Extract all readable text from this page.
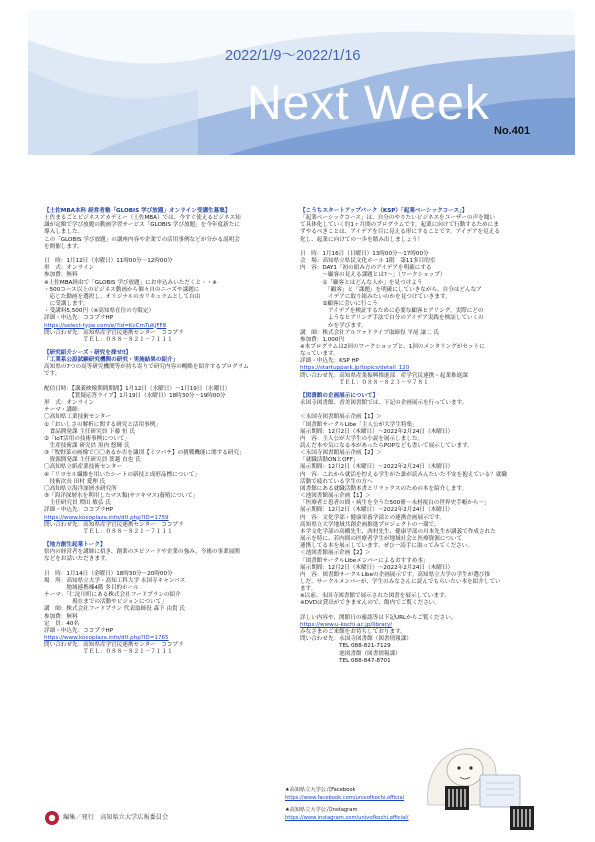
2022/1/9～2022/1/16
Next Week
No.401

【土佐MBA本科 経営者塾「GLOBIS 学び放題」オンライン受講生募集】

土佐まるごとビジネスアカデミー（土佐MBA）では、今すぐ使えるビジネス知

識が定額で学び放題の動画学習サービス「GLOBIS 学び放題」を今年度新たに

導入しました。

この「GLOBIS 学び放題」の講座内容や企業での活用事例などが分かる説明会

を開催します。

日　時：1月12日（水曜日）11時00分～12時00分

形　式：オンライン

参加費：無料

※土佐MBA経由で「GLOBIS 学び放題」にお申込みいただくと・・※

・500コース以上のビジネス動画から個々自のニーズや課題に

　応じた動画を選択し、オリジナルのカリキュラムとして自由

　に受講します。

・受講料5,500円（※高知県在住の方限定）

詳細・申込先：ココプラHP

https://select-type.com/e/?id=KcCmTuKjFF8

問い合わせ先：高知県産学官民連携センター　ココプラ

　　　　　　　ＴＥＬ：０８８－８２１－７１１１

【研究紹介シーズ・研究を探せ‼】

「工業系公設試験研究機関の研究・実施結果の紹介」

高知県の7つの高等研究機関等が持ち寄りで研究内容の概略を紹介するプログラム

です。

配信日時：【講義映像期間期間】1月12日（水曜日）～1月19日（水曜日）

　　　　　【質疑応答ライブ】1月19日（水曜日）18時30分～19時00分

形　式：オンライン

テーマ・講師：

〇高知県工業技術センター

①「おいしさの解析に関する研究と活用事例」

　食品開発課 主任研究員 下藤 恒 氏

②「IoT活用の技術事例について」

　生産技術課 研究員 黒内 悠輝 氏

③「牧野菜の画像で〇〇あるか否を識別【ミツバチ】の挑戦機能に関する研究」

　資源開発課 主任研究員 箕越 直也 氏

〇高知県立紙産業技術センター

④「リヨセル繊維を用いたシートの新技と成形品標について」

　技術次長 田村 愛理 氏

〇高知県立海洋深層水研究所

⑤「海洋深層水を利用したマス類(サツキマス)養殖について」

　主任研究員 増田 敏弘 氏

詳細・申込先：ココプラHP

https://www.kocoplaza.info/dtl.php?ID=1759

問い合わせ先：高知県産学官民連携センター　ココプラ

　　　　　　　ＴＥＬ：０８８－８２１－７１１１

【地方創生起業トーク】

県内の経営者を講師に招き、創業のエピソードや企業の強み、今後の事業展開

などをお話いただきます。

日　時：1月14日（金曜日）18時30分～20時00分

場　所：高知県立大学・高知工科大学 永国寺キャンパス

　　　　地域連携棟4階 多目的ホール

テーマ：「仁淀川町にある株式会社フードプランの紹介

　　　　　現在までの活動やビジョンについて」

講　師：株式会社フードプラン 代表取締役 森下 由貴 氏

参加費：無料

定　員：40名

詳細・申込先：ココプラHP

https://www.kocoplaza.info/dtl.php?ID=1765

問い合わせ先：高知県産学官民連携センター　ココプラ

　　　　　　　ＴＥＬ：０８８－８２１－７１１１

【こうちスタートアップパーク（KSP）「起業ベーシックコース」】

「起業ベーシックコース」は、自分のやりたいビジネスをユーザーの声を聞い

て具体化していく約1ヶ月間のプログラムです。起業に向けて行動するためにま

ずやるべきことは、アイデアを目に見える形にすることです。アイデアを見える

化し、起業に向けての一歩を踏み出しましょう！

日　時：1月16日（日曜日）13時00分～17時00分

会　場：高知県立県民文化ホール 1階　第11多目的室

内　容：DAY1「初の組み方のアイデアを明確にする

　　　　～顧客の見える課題とは?～」（ワークショップ）

　　　　①「顧客とはどんな人か」を見つけよう

　　　　　「顧客」と「課題」を明確にしていきながら、自分はどんなア

　　　　　イデアに取り組みたいのかを見つけていきます。

　　　　②顧客に会いに行こう

　　　　　アイデアを検証するために必要な顧客ヒアリング。実際にどの

　　　　　ようなヒアリング手法で自分のアイデア実践を検証していくの

　　　　　かを学びます。

講　師：株式会社アルファドライブ取締役 平尾 譲二 氏

参加費：1,000円

※本プログラムは2回のワークショップと、1回のメンタリングがセットに

なっています。

詳細・申込先：KSP HP

https://startuppark.jp/topics/detail_120

問い合わせ先：高知県産業振興推進部　産学官民連携・起業推進課

　　　　　　　ＴＥＬ：０８８－８２３－９７８１

【図書館の企画展示について】

永国寺図書館、香美図書館では、下記の企画展示を行っています。

＜永国寺図書館展示企画【1】＞

「図書館サークルLibe「主人公が大学生特集」

展示期間：12月2日（木曜日）～2022年2月24日（木曜日）

内　容：主人公が大学生の小説を展示しました。

読んだ本や気になる本があったらPOPなども書いて展示しています。

＜永国寺図書館展示企画【2】＞

「就職活動ONとOFF」

展示期間：12月2日（木曜日）～2022年2月24日（木曜日）

内　容：これから就活を控える学生がた誰が読みんたいた不安を抱えている？就職

活動で疲れている学生の方へ

図書館にある就職活動本書とリラックスのための本を紹介します。

＜池図書館展示企画【1】＞

「医療者と患者の間・病生を全うた500冊～未材視白の世界史手帳から～」

展示期間：12月2日（木曜日）～2022年2月24日（木曜日）

内　容：文化学部・健康栄養学部との連携企画展示です。

高知県立大学地域共創企画推進プロジェクトの一環で、

本学文化学部の高橋先生、西村先生、健康学部の川本先生が講義で作成された

展示を特に、若内間の医療者学生が地域社会と医療資源について

連携してる本を展示しています。ぜひ一読手に取ってみてください。

＜池図書館展示企画【2】＞

「図書館サークルLibeメンバーによるおすすめ本」

展示期間：12月2日（木曜日）～2022年2月24日（木曜日）

内　容：図書館サークルLibeの企画展示です。高知県立大学の学生が選び推

しだ、サークルメンバーが、学生のみなさんに読んでもらいたい本を紹介してい

ます。

※以前、永国寺図書館で展示された図書を展示しています。

※DVDは貸出ができませんので、館内でご覧ください。

詳しい内容や、開館日の確認等は下記URLからご覧ください。

https://www.u-kochi.ac.jp/library/

みなさまのご来館をお待ちしております。

問い合わせ先：永国寺図書館（図書情報課）

　　　　　　　TEL 088-821-7129

　　　　　　　池図書館（図書情報課）

　　　　　　　TEL 088-847-8701

★高知県立大学公式Facebook
https://www.facebook.com/univofkochi.official
★高知県立大学公式Instagram
https://www.instagram.com/univofkochi.official/
編集／発行　高知県立大学広報委員会
